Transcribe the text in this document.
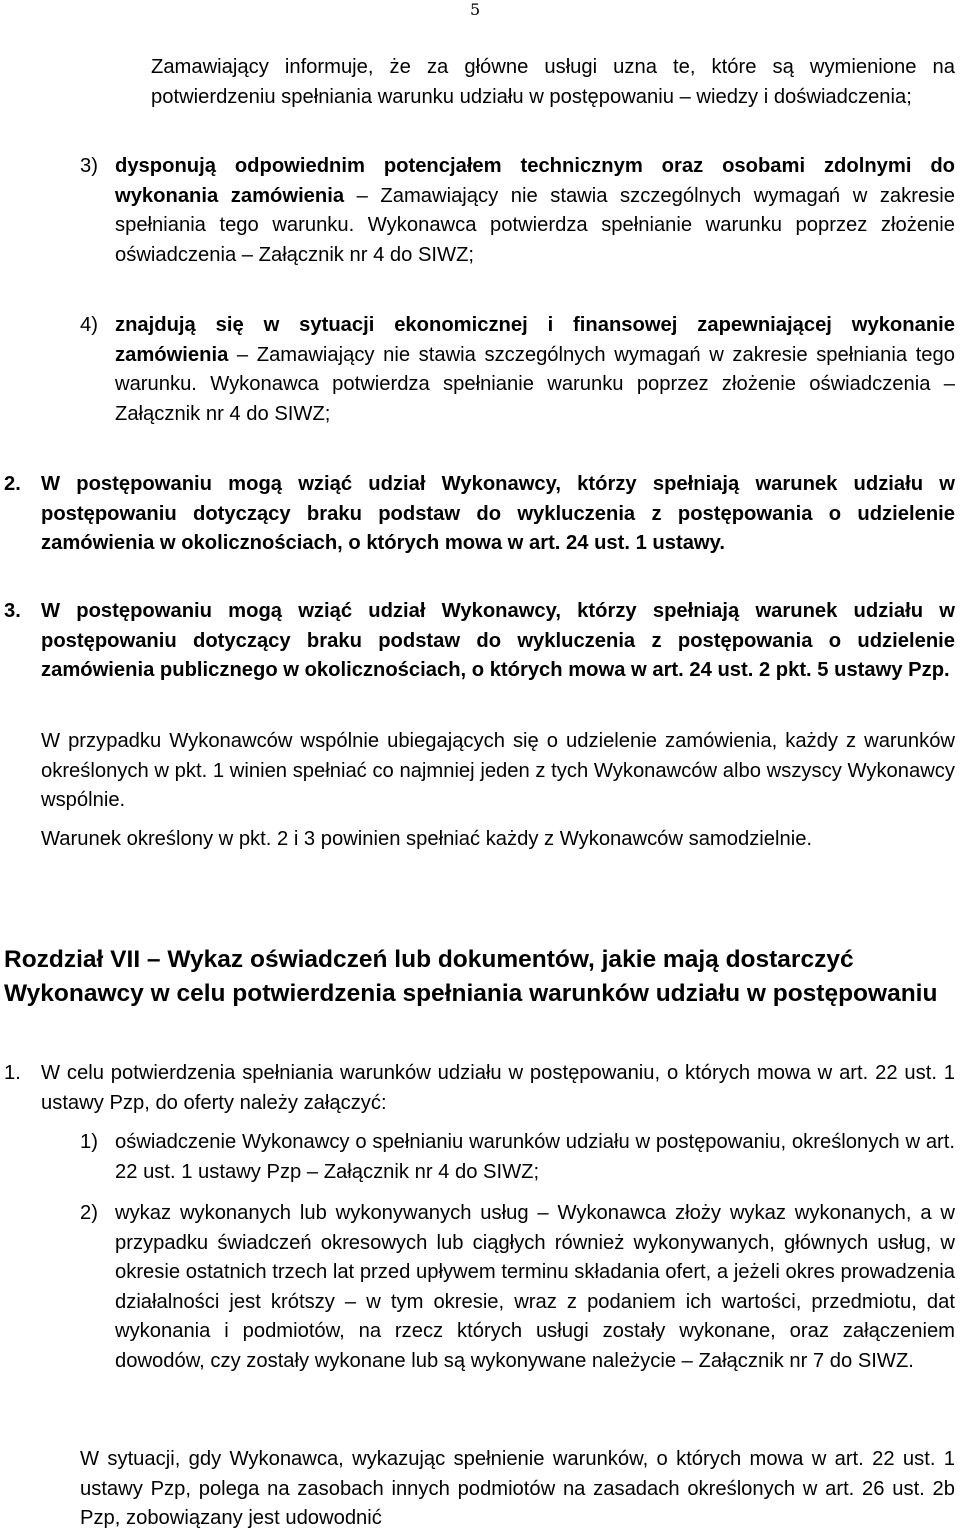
5
Zamawiający informuje, że za główne usługi uzna te, które są wymienione na potwierdzeniu spełniania warunku udziału w postępowaniu – wiedzy i doświadczenia;
3) dysponują odpowiednim potencjałem technicznym oraz osobami zdolnymi do wykonania zamówienia – Zamawiający nie stawia szczególnych wymagań w zakresie spełniania tego warunku. Wykonawca potwierdza spełnianie warunku poprzez złożenie oświadczenia – Załącznik nr 4 do SIWZ;
4) znajdują się w sytuacji ekonomicznej i finansowej zapewniającej wykonanie zamówienia – Zamawiający nie stawia szczególnych wymagań w zakresie spełniania tego warunku. Wykonawca potwierdza spełnianie warunku poprzez złożenie oświadczenia – Załącznik nr 4 do SIWZ;
2. W postępowaniu mogą wziąć udział Wykonawcy, którzy spełniają warunek udziału w postępowaniu dotyczący braku podstaw do wykluczenia z postępowania o udzielenie zamówienia w okolicznościach, o których mowa w art. 24 ust. 1 ustawy.
3. W postępowaniu mogą wziąć udział Wykonawcy, którzy spełniają warunek udziału w postępowaniu dotyczący braku podstaw do wykluczenia z postępowania o udzielenie zamówienia publicznego w okolicznościach, o których mowa w art. 24 ust. 2 pkt. 5 ustawy Pzp.
W przypadku Wykonawców wspólnie ubiegających się o udzielenie zamówienia, każdy z warunków określonych w pkt. 1 winien spełniać co najmniej jeden z tych Wykonawców albo wszyscy Wykonawcy wspólnie.
Warunek określony w pkt. 2 i 3 powinien spełniać każdy z Wykonawców samodzielnie.
Rozdział VII – Wykaz oświadczeń lub dokumentów, jakie mają dostarczyć Wykonawcy w celu potwierdzenia spełniania warunków udziału w postępowaniu
1. W celu potwierdzenia spełniania warunków udziału w postępowaniu, o których mowa w art. 22 ust. 1 ustawy Pzp, do oferty należy załączyć:
1) oświadczenie Wykonawcy o spełnianiu warunków udziału w postępowaniu, określonych w art. 22 ust. 1 ustawy Pzp – Załącznik nr 4 do SIWZ;
2) wykaz wykonanych lub wykonywanych usług – Wykonawca złoży wykaz wykonanych, a w przypadku świadczeń okresowych lub ciągłych również wykonywanych, głównych usług, w okresie ostatnich trzech lat przed upływem terminu składania ofert, a jeżeli okres prowadzenia działalności jest krótszy – w tym okresie, wraz z podaniem ich wartości, przedmiotu, dat wykonania i podmiotów, na rzecz których usługi zostały wykonane, oraz załączeniem dowodów, czy zostały wykonane lub są wykonywane należycie – Załącznik nr 7 do SIWZ.
W sytuacji, gdy Wykonawca, wykazując spełnienie warunków, o których mowa w art. 22 ust. 1 ustawy Pzp, polega na zasobach innych podmiotów na zasadach określonych w art. 26 ust. 2b Pzp, zobowiązany jest udowodnić
